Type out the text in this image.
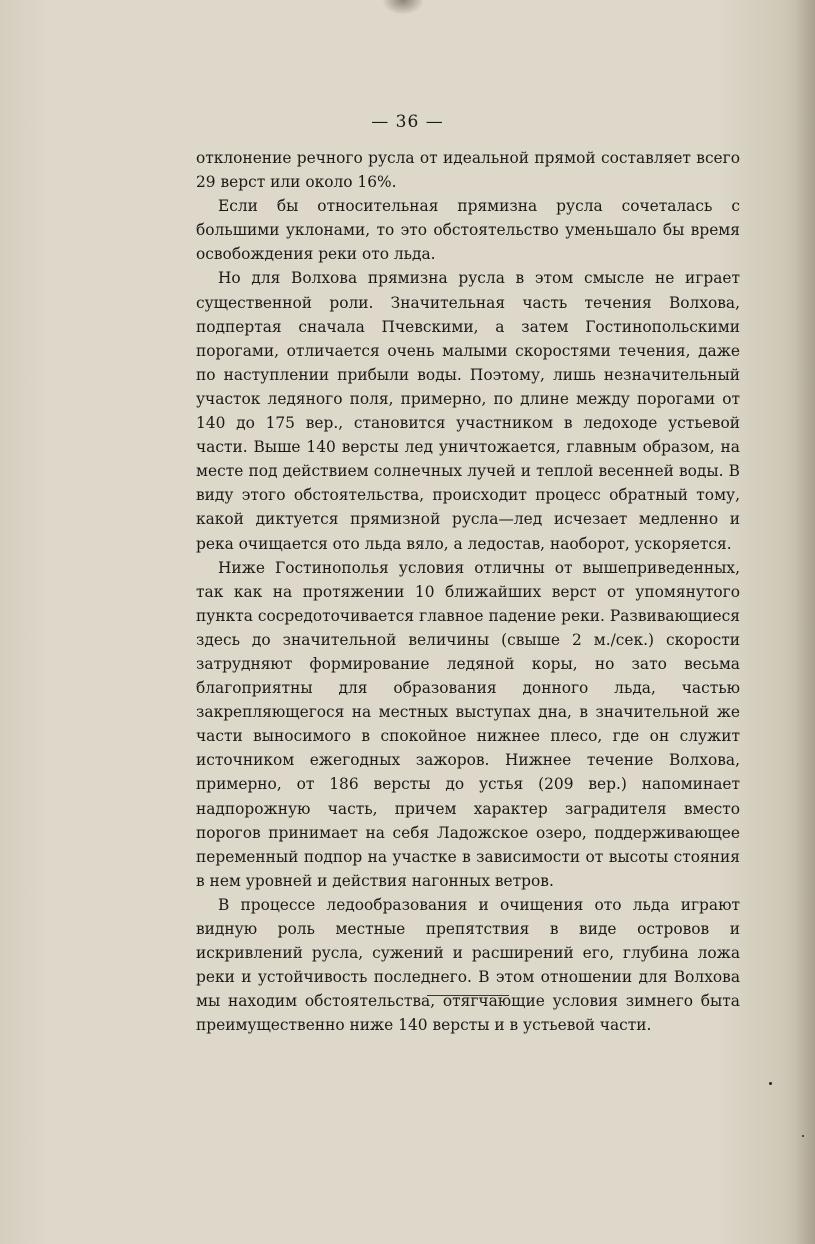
— 36 —

отклонение речного русла от идеальной прямой составляет всего 29 верст или около 16%.

Если бы относительная прямизна русла сочеталась с большими уклонами, то это обстоятельство уменьшало бы время освобождения реки ото льда.

Но для Волхова прямизна русла в этом смысле не играет существенной роли. Значительная часть течения Волхова, подпертая сначала Пчевскими, а затем Гостинопольскими порогами, отличается очень малыми скоростями течения, даже по наступлении прибыли воды. Поэтому, лишь незначительный участок ледяного поля, примерно, по длине между порогами от 140 до 175 вер., становится участником в ледоходе устьевой части. Выше 140 версты лед уничтожается, главным образом, на месте под действием солнечных лучей и теплой весенней воды. В виду этого обстоятельства, происходит процесс обратный тому, какой диктуется прямизной русла—лед исчезает медленно и река очищается ото льда вяло, а ледостав, наоборот, ускоряется.

Ниже Гостинополья условия отличны от вышеприведенных, так как на протяжении 10 ближайших верст от упомянутого пункта сосредоточивается главное падение реки. Развивающиеся здесь до значительной величины (свыше 2 м./сек.) скорости затрудняют формирование ледяной коры, но зато весьма благоприятны для образования донного льда, частью закрепляющегося на местных выступах дна, в значительной же части выносимого в спокойное нижнее плесо, где он служит источником ежегодных зажоров. Нижнее течение Волхова, примерно, от 186 версты до устья (209 вер.) напоминает надпорожную часть, причем характер заградителя вместо порогов принимает на себя Ладожское озеро, поддерживающее переменный подпор на участке в зависимости от высоты стояния в нем уровней и действия нагонных ветров.

В процессе ледообразования и очищения ото льда играют видную роль местные препятствия в виде островов и искривлений русла, сужений и расширений его, глубина ложа реки и устойчивость последнего. В этом отношении для Волхова мы находим обстоятельства, отягчающие условия зимнего быта преимущественно ниже 140 версты и в устьевой части.
